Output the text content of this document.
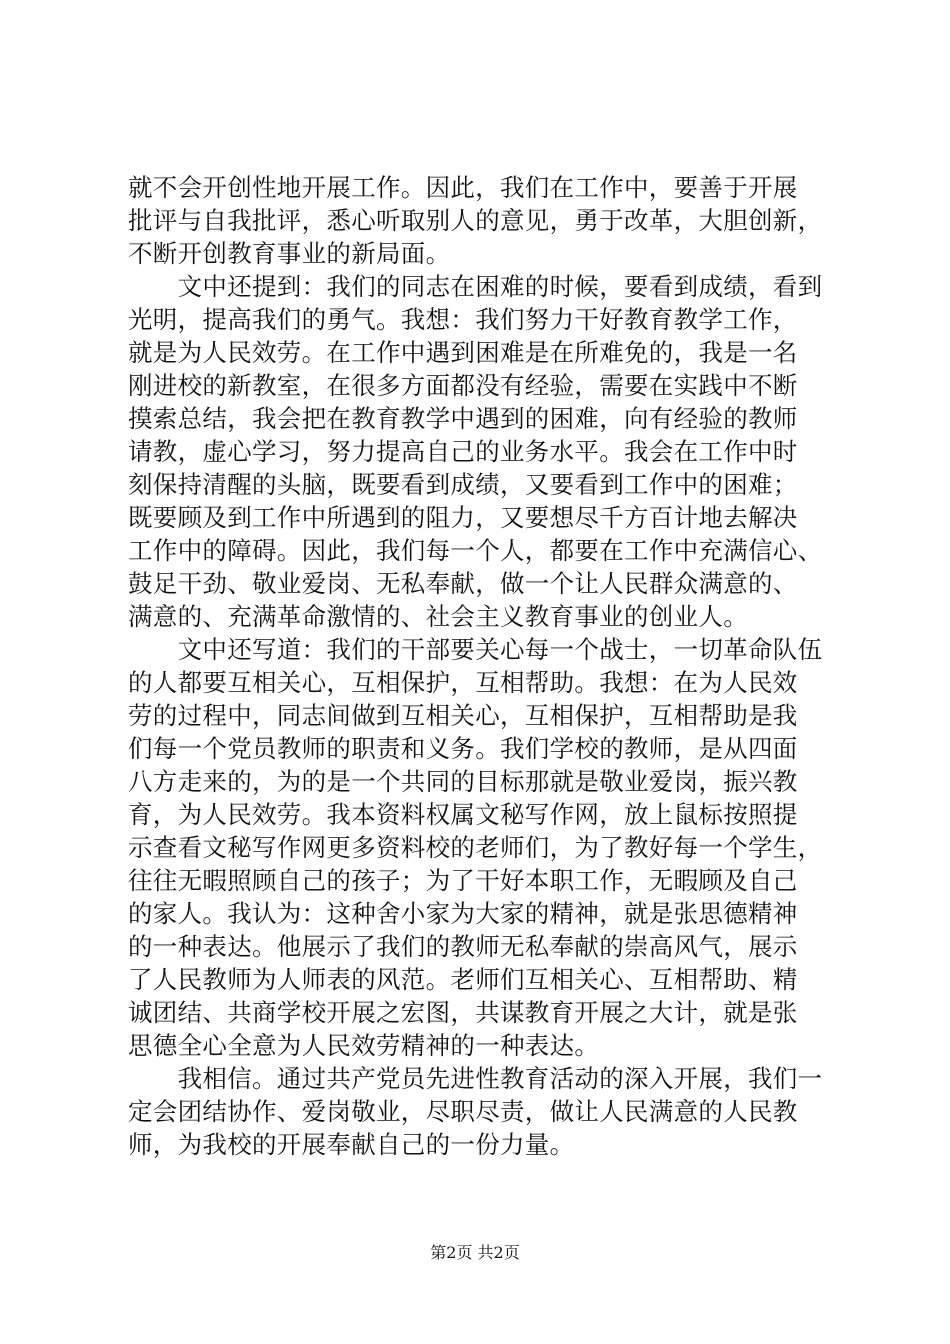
就不会开创性地开展工作。因此，我们在工作中，要善于开展
批评与自我批评，悉心听取别人的意见，勇于改革，大胆创新，
不断开创教育事业的新局面。
　　文中还提到：我们的同志在困难的时候，要看到成绩，看到
光明，提高我们的勇气。我想：我们努力干好教育教学工作，
就是为人民效劳。在工作中遇到困难是在所难免的，我是一名
刚进校的新教室，在很多方面都没有经验，需要在实践中不断
摸索总结，我会把在教育教学中遇到的困难，向有经验的教师
请教，虚心学习，努力提高自己的业务水平。我会在工作中时
刻保持清醒的头脑，既要看到成绩，又要看到工作中的困难；
既要顾及到工作中所遇到的阻力，又要想尽千方百计地去解决
工作中的障碍。因此，我们每一个人，都要在工作中充满信心、
鼓足干劲、敬业爱岗、无私奉献，做一个让人民群众满意的、
满意的、充满革命激情的、社会主义教育事业的创业人。
　　文中还写道：我们的干部要关心每一个战士，一切革命队伍
的人都要互相关心，互相保护，互相帮助。我想：在为人民效
劳的过程中，同志间做到互相关心，互相保护，互相帮助是我
们每一个党员教师的职责和义务。我们学校的教师，是从四面
八方走来的，为的是一个共同的目标那就是敬业爱岗，振兴教
育，为人民效劳。我本资料权属文秘写作网，放上鼠标按照提
示查看文秘写作网更多资料校的老师们，为了教好每一个学生，
往往无暇照顾自己的孩子；为了干好本职工作，无暇顾及自己
的家人。我认为：这种舍小家为大家的精神，就是张思德精神
的一种表达。他展示了我们的教师无私奉献的崇高风气，展示
了人民教师为人师表的风范。老师们互相关心、互相帮助、精
诚团结、共商学校开展之宏图，共谋教育开展之大计，就是张
思德全心全意为人民效劳精神的一种表达。
　　我相信。通过共产党员先进性教育活动的深入开展，我们一
定会团结协作、爱岗敬业，尽职尽责，做让人民满意的人民教
师，为我校的开展奉献自己的一份力量。
第2页 共2页
